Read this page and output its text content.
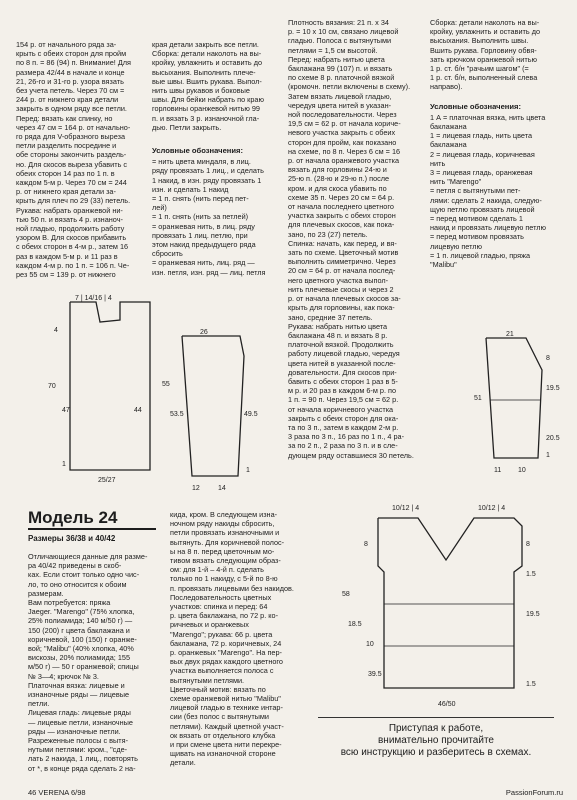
154 р. от начального ряда за-
крыть с обеих сторон для пройм
по 8 п. = 86 (94) п. Внимание! Для
размера 42/44 в начале и конце
21, 26-го и 31-го р. узора вязать
без учета петель. Через 70 см =
244 р. от нижнего края детали
закрыть в одном ряду все петли.
Перед: вязать как спинку, но
через 47 см = 164 р. от начально-
го ряда для V-образного выреза
петли разделить посредине и
обе стороны закончить раздель-
но. Для скосов выреза убавить с
обеих сторон 14 раз по 1 п. в
каждом 5-м р. Через 70 см = 244
р. от нижнего края детали за-
крыть для плеч по 29 (33) петель.
Рукава: набрать оранжевой ни-
тью 50 п. и вязать 4 р. изнаноч-
ной гладью, продолжить работу
узором В. Для скосов прибавить
с обеих сторон в 4-м р., затем 16
раз в каждом 5-м р. и 11 раз в
каждом 4-м р. по 1 п. = 106 п. Че-
рез 55 см = 139 р. от нижнего
края детали закрыть все петли.
Сборка: детали наколоть на вы-
кройку, увлажнить и оставить до
высыхания. Выполнить плече-
вые швы. Вшить рукава. Выпол-
нить швы рукавов и боковые
швы. Для бейки набрать по краю
горловины оранжевой нитью 99
п. и вязать 3 р. изнаночной гла-
дью. Петли закрыть.
Условные обозначения:
= нить цвета миндаля, в лиц.
ряду провязать 1 лиц., и сделать
1 накид, в изн. ряду провязать 1
изн. и сделать 1 накид
= 1 п. снять (нить перед пет-
лей)
= 1 п. снять (нить за петлей)
= оранжевая нить, в лиц. ряду
провязать 1 лиц. петлю, при
этом накид предыдущего ряда
сбросить
= оранжевая нить, лиц. ряд —
изн. петля, изн. ряд — лиц. петля
Плотность вязания: 21 п. х 34
р. = 10 х 10 см, связано лицевой
гладью. Полоса с вытянутыми
петлями = 1,5 см высотой.
Перед: набрать нитью цвета
баклажана 99 (107) п. и вязать
по схеме 8 р. платочной вязкой
(кромочн. петли включены в схему).
Затем вязать лицевой гладью,
чередуя цвета нитей в указан-
ной последовательности. Через
19,5 см = 62 р. от начала кориче-
невого участка закрыть с обеих
сторон для пройм, как показано
на схеме, по 8 п. Через 6 см = 16
р. от начала оранжевого участка
вязать для горловины 24-ю и
25-ю п. (28-ю и 29-ю п.) после
кром. и для скоса убавить по
схеме 35 п. Через 20 см = 64 р.
от начала последнего цветного
участка закрыть с обеих сторон
для плечевых скосов, как пока-
зано, по 23 (27) петель.
Спинка: начать, как перед, и вя-
зать по схеме. Цветочный мотив
выполнить симметрично. Через
20 см = 64 р. от начала послед-
него цветного участка выпол-
нить плечевые скосы и через 2
р. от начала плечевых скосов за-
крыть для горловины, как пока-
зано, средние 37 петель.
Рукава: набрать нитью цвета
баклажана 48 п. и вязать 8 р.
платочной вязкой. Продолжить
работу лицевой гладью, чередуя
цвета нитей в указанной после-
довательности. Для скосов при-
бавить с обеих сторон 1 раз в 5-
м р. и 20 раз в каждом 6-м р. по
1 п. = 90 п. Через 19,5 см = 62 р.
от начала коричневого участка
закрыть с обеих сторон для ока-
та по 3 п., затем в каждом 2-м р.
3 раза по 3 п., 16 раз по 1 п., 4 ра-
за по 2 п., 2 раза по 3 п. и в сле-
дующем ряду оставшиеся 30 петель.
Сборка: детали наколоть на вы-
кройку, увлажнить и оставить до
высыхания. Выполнить швы.
Вшить рукава. Горловину обвя-
зать крючком оранжевой нитью
1 р. ст. б/н "рачьим шагом" (=
1 р. ст. б/н, выполненный слева
направо).
Условные обозначения:
1 А = платочная вязка, нить цвета
баклажана
1 = лицевая гладь, нить цвета
баклажана
2 = лицевая гладь, коричневая
нить
3 = лицевая гладь, оранжевая
нить "Marengo"
= петля с вытянутыми пет-
лями: сделать 2 накида, следую-
щую петлю провязать лицевой
= перед мотивом сделать 1
накид и провязать лицевую петлю
= перед мотивом провязать
лицевую петлю
= 1 п. лицевой гладью, пряжа
"Malibu"
7 | 14/16 | 4
4
47
70
44
1
25/27
26
55
53.5	49.5
1
12	14
21
8
51
19.5
20.5
1
11 10
10/12 | 4	10/12 | 4
8	8
1.5
18.5
19.5
10
39.5
1.5
58
46/50
Модель 24
Размеры 36/38 и 40/42
Отличающиеся данные для разме-
ра 40/42 приведены в скоб-
ках. Если стоит только одно чис-
ло, то оно относится к обоим
размерам.
Вам потребуется: пряжа
Jaeger. "Marengo" (75% хлопка,
25% полиамида; 140 м/50 г) —
150 (200) г цвета баклажана и
коричневой, 100 (150) г оранже-
вой; "Malibu" (40% хлопка, 40%
вискозы, 20% полиамида; 155
м/50 г) — 50 г оранжевой; спицы
№ 3—4; крючок № 3.
Платочная вязка: лицевые и
изнаночные ряды — лицевые
петли.
Лицевая гладь: лицевые ряды
— лицевые петли, изнаночные
ряды — изнаночные петли.
Разреженные полосы с вытя-
нутыми петлями: кром., "сде-
лать 2 накида, 1 лиц., повторять
от *, в конце ряда сделать 2 на-
кида, кром. В следующем изна-
ночном ряду накиды сбросить,
петли провязать изнаночными и
вытянуть. Для коричневой полос-
ы на 8 п. перед цветочным мо-
тивом вязать следующим образ-
ом: для 1-й – 4-й п. сделать
только по 1 накиду, с 5-й по 8-ю
п. провязать лицевыми без накидов.
Последовательность цветных
участков: спинка и перед: 64
р. цвета баклажана, по 72 р. ко-
ричневых и оранжевых
"Marengo"; рукава: 66 р. цвета
баклажана, 72 р. коричневых, 24
р. оранжевых "Marengo". На пер-
вых двух рядах каждого цветного
участка выполняется полоса с
вытянутыми петлями.
Цветочный мотив: вязать по
схеме оранжевой нитью "Malibu"
лицевой гладью в технике интар-
сии (без полос с вытянутыми
петлями). Каждый цветной участ-
ок вязать от отдельного клубка
и при смене цвета нити перекре-
щивать на изнаночной стороне
детали.
Приступая к работе,
внимательно прочитайте
всю инструкцию и разберитесь в схемах.
46 VERENA 6/98	PassionForum.ru
